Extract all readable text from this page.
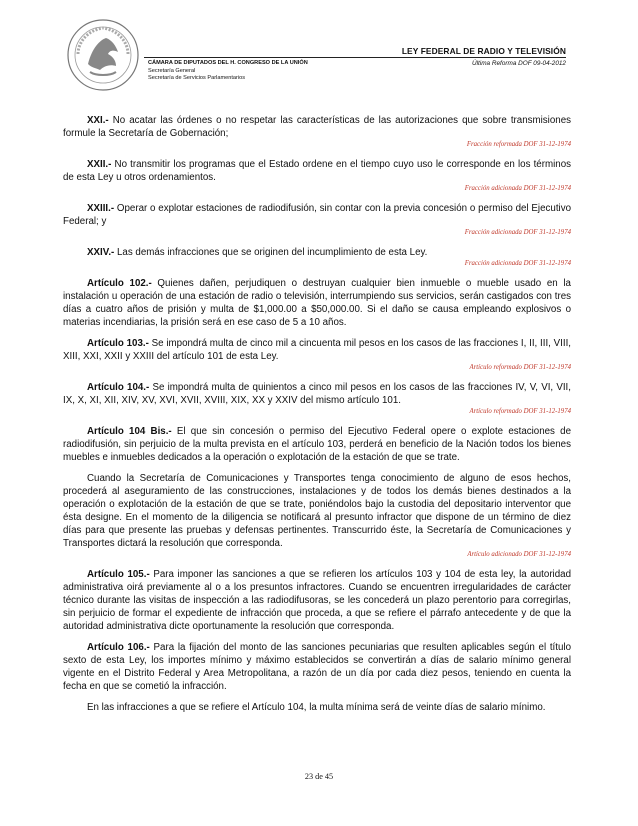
LEY FEDERAL DE RADIO Y TELEVISIÓN
CÁMARA DE DIPUTADOS DEL H. CONGRESO DE LA UNIÓN
Secretaría General
Secretaría de Servicios Parlamentarios
Última Reforma DOF 09-04-2012

XXI.- No acatar las órdenes o no respetar las características de las autorizaciones que sobre transmisiones formule la Secretaría de Gobernación;

Fracción reformada DOF 31-12-1974

XXII.- No transmitir los programas que el Estado ordene en el tiempo cuyo uso le corresponde en los términos de esta Ley u otros ordenamientos.

Fracción adicionada DOF 31-12-1974

XXIII.- Operar o explotar estaciones de radiodifusión, sin contar con la previa concesión o permiso del Ejecutivo Federal; y

Fracción adicionada DOF 31-12-1974

XXIV.- Las demás infracciones que se originen del incumplimiento de esta Ley.

Fracción adicionada DOF 31-12-1974

Artículo 102.- Quienes dañen, perjudiquen o destruyan cualquier bien inmueble o mueble usado en la instalación u operación de una estación de radio o televisión, interrumpiendo sus servicios, serán castigados con tres días a cuatro años de prisión y multa de $1,000.00 a $50,000.00. Si el daño se causa empleando explosivos o materias incendiarias, la prisión será en ese caso de 5 a 10 años.

Artículo 103.- Se impondrá multa de cinco mil a cincuenta mil pesos en los casos de las fracciones I, II, III, VIII, XIII, XXI, XXII y XXIII del artículo 101 de esta Ley.

Artículo reformado DOF 31-12-1974

Artículo 104.- Se impondrá multa de quinientos a cinco mil pesos en los casos de las fracciones IV, V, VI, VII, IX, X, XI, XII, XIV, XV, XVI, XVII, XVIII, XIX, XX y XXIV del mismo artículo 101.

Artículo reformado DOF 31-12-1974

Artículo 104 Bis.- El que sin concesión o permiso del Ejecutivo Federal opere o explote estaciones de radiodifusión, sin perjuicio de la multa prevista en el artículo 103, perderá en beneficio de la Nación todos los bienes muebles e inmuebles dedicados a la operación o explotación de la estación de que se trate.

Cuando la Secretaría de Comunicaciones y Transportes tenga conocimiento de alguno de esos hechos, procederá al aseguramiento de las construcciones, instalaciones y de todos los demás bienes destinados a la operación o explotación de la estación de que se trate, poniéndolos bajo la custodia del depositario interventor que ésta designe. En el momento de la diligencia se notificará al presunto infractor que dispone de un término de diez días para que presente las pruebas y defensas pertinentes. Transcurrido éste, la Secretaría de Comunicaciones y Transportes dictará la resolución que corresponda.

Artículo adicionado DOF 31-12-1974

Artículo 105.- Para imponer las sanciones a que se refieren los artículos 103 y 104 de esta ley, la autoridad administrativa oirá previamente al o a los presuntos infractores. Cuando se encuentren irregularidades de carácter técnico durante las visitas de inspección a las radiodifusoras, se les concederá un plazo perentorio para corregirlas, sin perjuicio de formar el expediente de infracción que proceda, a que se refiere el párrafo antecedente y de que la autoridad administrativa dicte oportunamente la resolución que corresponda.

Artículo 106.- Para la fijación del monto de las sanciones pecuniarias que resulten aplicables según el título sexto de esta Ley, los importes mínimo y máximo establecidos se convertirán a días de salario mínimo general vigente en el Distrito Federal y Area Metropolitana, a razón de un día por cada diez pesos, teniendo en cuenta la fecha en que se cometió la infracción.

En las infracciones a que se refiere el Artículo 104, la multa mínima será de veinte días de salario mínimo.

23 de 45
